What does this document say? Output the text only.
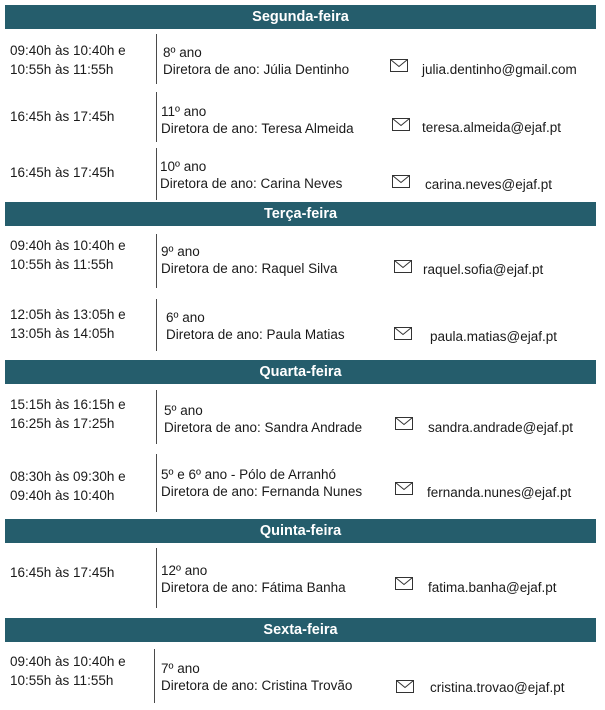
Segunda-feira
09:40h às 10:40h e
10:55h às 11:55h
8º ano
Diretora de ano: Júlia Dentinho	julia.dentinho@gmail.com
16:45h às 17:45h	11º ano
Diretora de ano: Teresa Almeida	teresa.almeida@ejaf.pt
16:45h às 17:45h	10º ano
Diretora de ano: Carina Neves	carina.neves@ejaf.pt
Terça-feira
09:40h às 10:40h e
10:55h às 11:55h
9º ano
Diretora de ano: Raquel Silva	raquel.sofia@ejaf.pt
12:05h às 13:05h e
13:05h às 14:05h
6º ano
Diretora de ano: Paula Matias	paula.matias@ejaf.pt
Quarta-feira
15:15h às 16:15h e
16:25h às 17:25h
5º ano
Diretora de ano: Sandra Andrade	sandra.andrade@ejaf.pt
08:30h às 09:30h e
09:40h às 10:40h
5º e 6º ano - Pólo de Arranhó
Diretora de ano: Fernanda Nunes	fernanda.nunes@ejaf.pt
Quinta-feira
16:45h às 17:45h	12º ano
Diretora de ano: Fátima Banha	fatima.banha@ejaf.pt
Sexta-feira
09:40h às 10:40h e
10:55h às 11:55h
7º ano
Diretora de ano: Cristina Trovão	cristina.trovao@ejaf.pt
